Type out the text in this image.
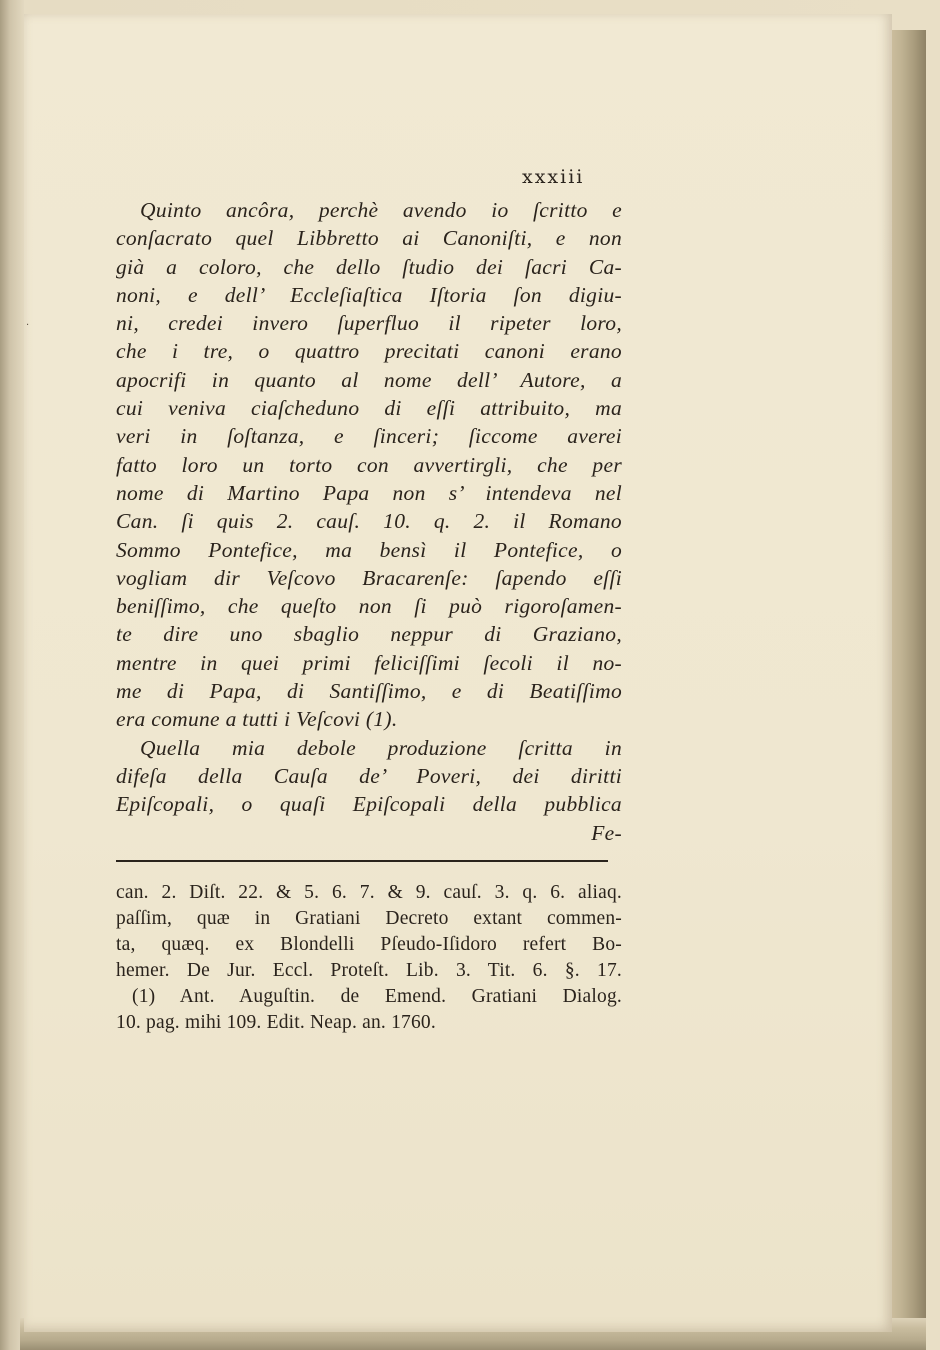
·
xxxiii
Quinto ancôra, perchè avendo io ſcritto e
conſacrato quel Libbretto ai Canoniſti, e non
già a coloro, che dello ſtudio dei ſacri Ca-
noni, e dell’ Eccleſiaſtica Iſtoria ſon digiu-
ni, credei invero ſuperfluo il ripeter loro,
che i tre, o quattro precitati canoni erano
apocrifi in quanto al nome dell’ Autore, a
cui veniva ciaſcheduno di eſſi attribuito, ma
veri in ſoſtanza, e ſinceri; ſiccome averei
fatto loro un torto con avvertirgli, che per
nome di Martino Papa non s’ intendeva nel
Can. ſi quis 2. cauſ. 10. q. 2. il Romano
Sommo Pontefice, ma bensì il Pontefice, o
vogliam dir Veſcovo Bracarenſe: ſapendo eſſi
beniſſimo, che queſto non ſi può rigoroſamen-
te dire uno sbaglio neppur di Graziano,
mentre in quei primi feliciſſimi ſecoli il no-
me di Papa, di Santiſſimo, e di Beatiſſimo
era comune a tutti i Veſcovi (1).
Quella mia debole produzione ſcritta in
difeſa della Cauſa de’ Poveri, dei diritti
Epiſcopali, o quaſi Epiſcopali della pubblica
Fe-
can. 2. Diſt. 22. & 5. 6. 7. & 9. cauſ. 3. q. 6. aliaq.
paſſim, quæ in Gratiani Decreto extant commen-
ta, quæq. ex Blondelli Pſeudo-Iſidoro refert Bo-
hemer. De Jur. Eccl. Proteſt. Lib. 3. Tit. 6. §. 17.
(1) Ant. Auguſtin. de Emend. Gratiani Dialog.
10. pag. mihi 109. Edit. Neap. an. 1760.
